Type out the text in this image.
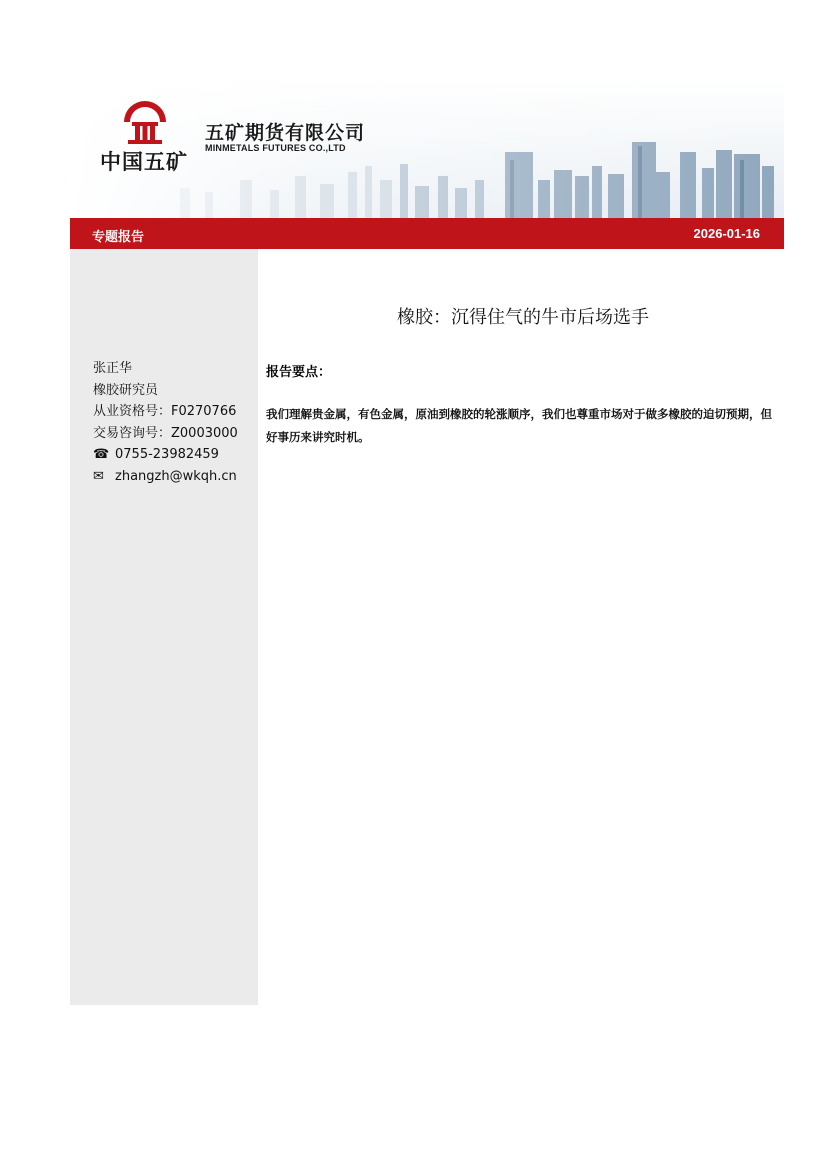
中国五矿
五矿期货有限公司
MINMETALS FUTURES CO.,LTD
专题报告	2026-01-16
张正华
橡胶研究员
从业资格号：F0270766
交易咨询号：Z0003000
☎ 0755-23982459
✉ zhangzh@wkqh.cn
橡胶：沉得住气的牛市后场选手
报告要点：
我们理解贵金属，有色金属，原油到橡胶的轮涨顺序，我们也尊重市场对于做多橡胶的迫切预期，但好事历来讲究时机。
